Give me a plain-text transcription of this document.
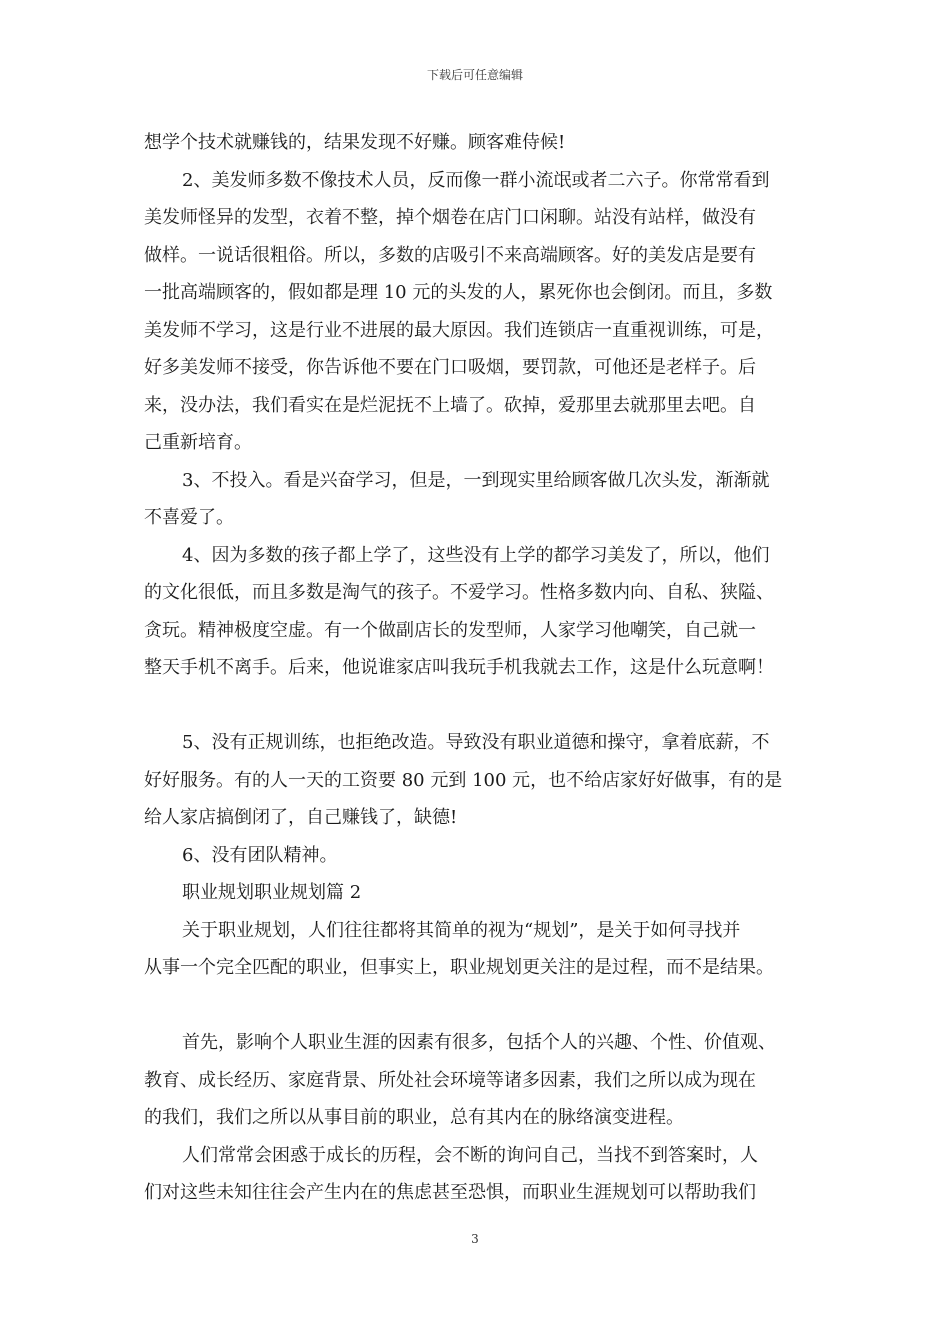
下载后可任意编辑
想学个技术就赚钱的，结果发现不好赚。顾客难侍候!
2、美发师多数不像技术人员，反而像一群小流氓或者二六子。你常常看到
美发师怪异的发型，衣着不整，掉个烟卷在店门口闲聊。站没有站样，做没有
做样。一说话很粗俗。所以，多数的店吸引不来高端顾客。好的美发店是要有
一批高端顾客的，假如都是理 10 元的头发的人，累死你也会倒闭。而且，多数
美发师不学习，这是行业不进展的最大原因。我们连锁店一直重视训练，可是，
好多美发师不接受，你告诉他不要在门口吸烟，要罚款，可他还是老样子。后
来，没办法，我们看实在是烂泥抚不上墙了。砍掉，爱那里去就那里去吧。自
己重新培育。
3、不投入。看是兴奋学习，但是，一到现实里给顾客做几次头发，渐渐就
不喜爱了。
4、因为多数的孩子都上学了，这些没有上学的都学习美发了，所以，他们
的文化很低，而且多数是淘气的孩子。不爱学习。性格多数内向、自私、狭隘、
贪玩。精神极度空虚。有一个做副店长的发型师，人家学习他嘲笑，自己就一
整天手机不离手。后来，他说谁家店叫我玩手机我就去工作，这是什么玩意啊！
5、没有正规训练，也拒绝改造。导致没有职业道德和操守，拿着底薪，不
好好服务。有的人一天的工资要 80 元到 100 元，也不给店家好好做事，有的是
给人家店搞倒闭了，自己赚钱了，缺德!
6、没有团队精神。
职业规划职业规划篇 2
关于职业规划，人们往往都将其简单的视为“规划”，是关于如何寻找并
从事一个完全匹配的职业，但事实上，职业规划更关注的是过程，而不是结果。
首先，影响个人职业生涯的因素有很多，包括个人的兴趣、个性、价值观、
教育、成长经历、家庭背景、所处社会环境等诸多因素，我们之所以成为现在
的我们，我们之所以从事目前的职业，总有其内在的脉络演变进程。
人们常常会困惑于成长的历程，会不断的询问自己，当找不到答案时，人
们对这些未知往往会产生内在的焦虑甚至恐惧，而职业生涯规划可以帮助我们
3
